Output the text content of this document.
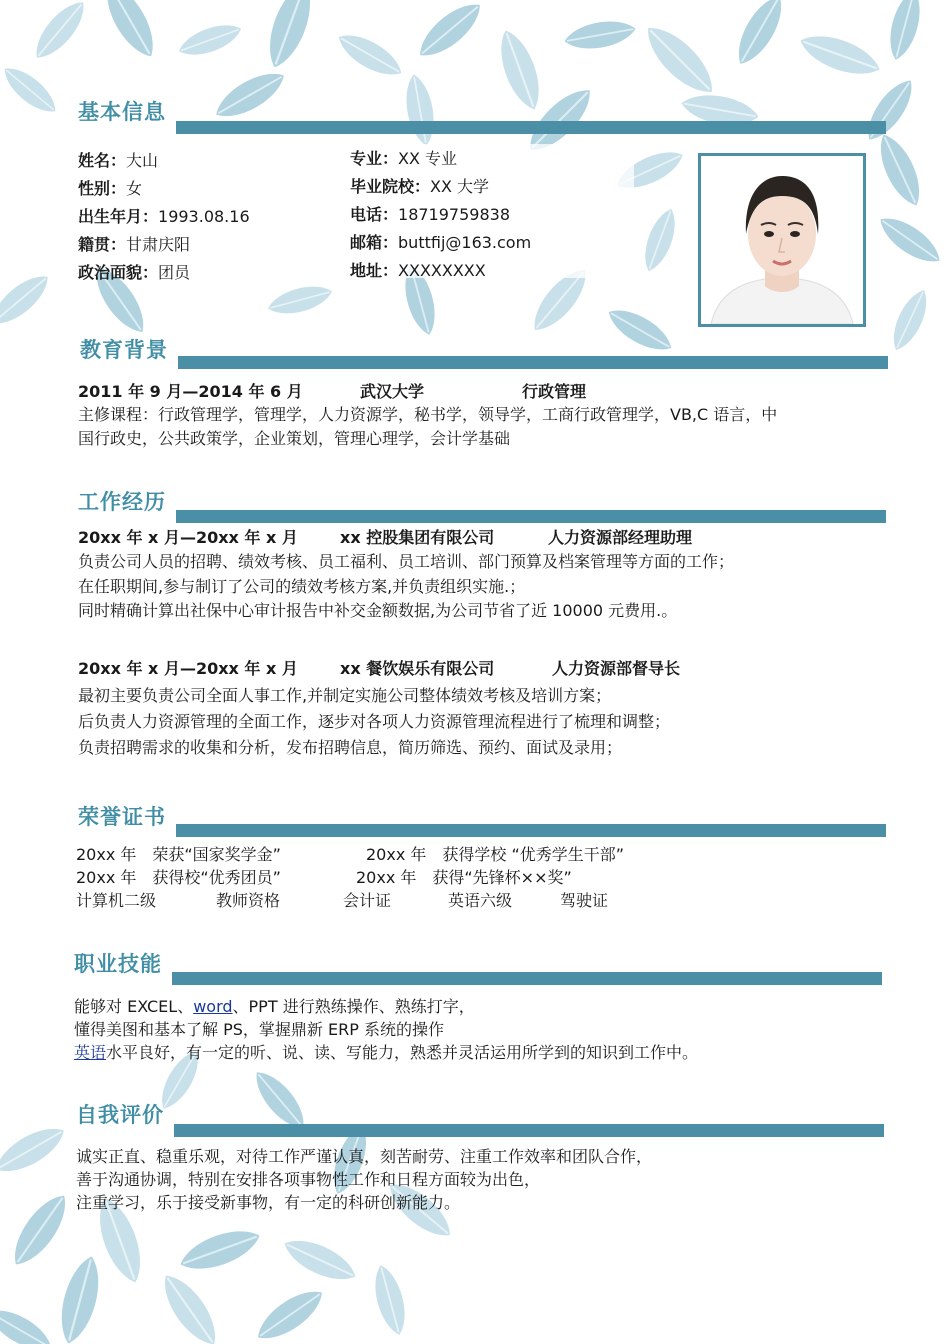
基本信息
姓名：大山
性别：女
出生年月：1993.08.16
籍贯：甘肃庆阳
政治面貌：团员
专业：XX 专业
毕业院校：XX 大学
电话：18719759838
邮箱：buttfij@163.com
地址：XXXXXXXX
教育背景
2011 年 9 月—2014 年 6 月	武汉大学	行政管理
主修课程：行政管理学，管理学，人力资源学，秘书学，领导学，工商行政管理学，VB,C 语言，中
国行政史，公共政策学，企业策划，管理心理学，会计学基础
工作经历
20xx 年 x 月—20xx 年 x 月	xx 控股集团有限公司	人力资源部经理助理
负责公司人员的招聘、绩效考核、员工福利、员工培训、部门预算及档案管理等方面的工作；
在任职期间,参与制订了公司的绩效考核方案,并负责组织实施.；
同时精确计算出社保中心审计报告中补交金额数据,为公司节省了近 10000 元费用.。
20xx 年 x 月—20xx 年 x 月	xx 餐饮娱乐有限公司	人力资源部督导长
最初主要负责公司全面人事工作,并制定实施公司整体绩效考核及培训方案；
后负责人力资源管理的全面工作，逐步对各项人力资源管理流程进行了梳理和调整；
负责招聘需求的收集和分析，发布招聘信息，简历筛选、预约、面试及录用；
荣誉证书
20xx 年　荣获“国家奖学金”	20xx 年　获得学校 “优秀学生干部”
20xx 年　获得校“优秀团员”	20xx 年　获得“先锋杯××奖”
计算机二级	教师资格	会计证	英语六级	驾驶证
职业技能
能够对 EXCEL、word、PPT 进行熟练操作、熟练打字，
懂得美图和基本了解 PS，掌握鼎新 ERP 系统的操作
英语水平良好，有一定的听、说、读、写能力，熟悉并灵活运用所学到的知识到工作中。
自我评价
诚实正直、稳重乐观，对待工作严谨认真，刻苦耐劳、注重工作效率和团队合作，
善于沟通协调，特别在安排各项事物性工作和日程方面较为出色，
注重学习，乐于接受新事物，有一定的科研创新能力。
